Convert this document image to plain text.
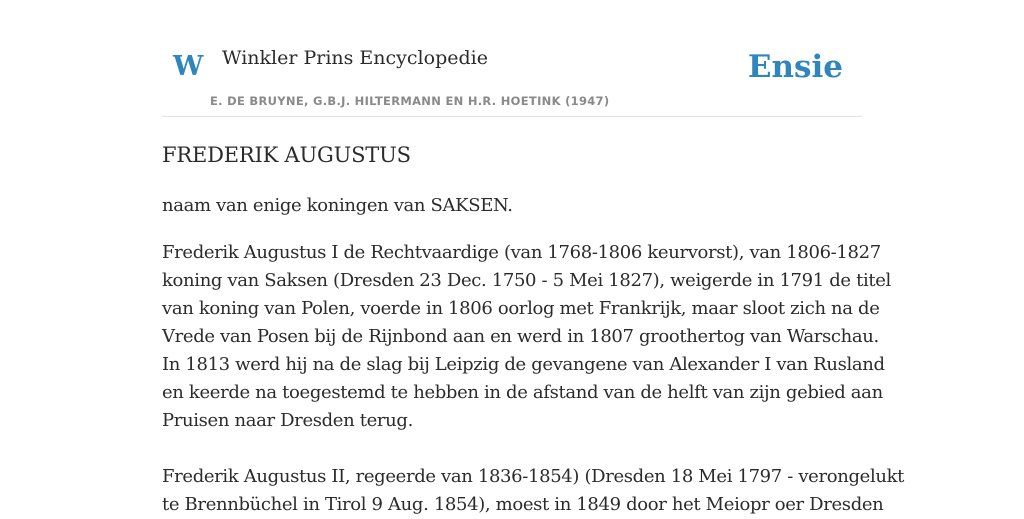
W Winkler Prins Encyclopedie
E. DE BRUYNE, G.B.J. HILTERMANN EN H.R. HOETINK (1947)
Ensie
FREDERIK AUGUSTUS

naam van enige koningen van SAKSEN.

Frederik Augustus I de Rechtvaardige (van 1768-1806 keurvorst), van 1806-1827
koning van Saksen (Dresden 23 Dec. 1750 - 5 Mei 1827), weigerde in 1791 de titel
van koning van Polen, voerde in 1806 oorlog met Frankrijk, maar sloot zich na de
Vrede van Posen bij de Rijnbond aan en werd in 1807 groothertog van Warschau.
In 1813 werd hij na de slag bij Leipzig de gevangene van Alexander I van Rusland
en keerde na toegestemd te hebben in de afstand van de helft van zijn gebied aan
Pruisen naar Dresden terug.
Frederik Augustus II, regeerde van 1836-1854) (Dresden 18 Mei 1797 - verongelukt
te Brennbüchel in Tirol 9 Aug. 1854), moest in 1849 door het Meiopr oer Dresden
